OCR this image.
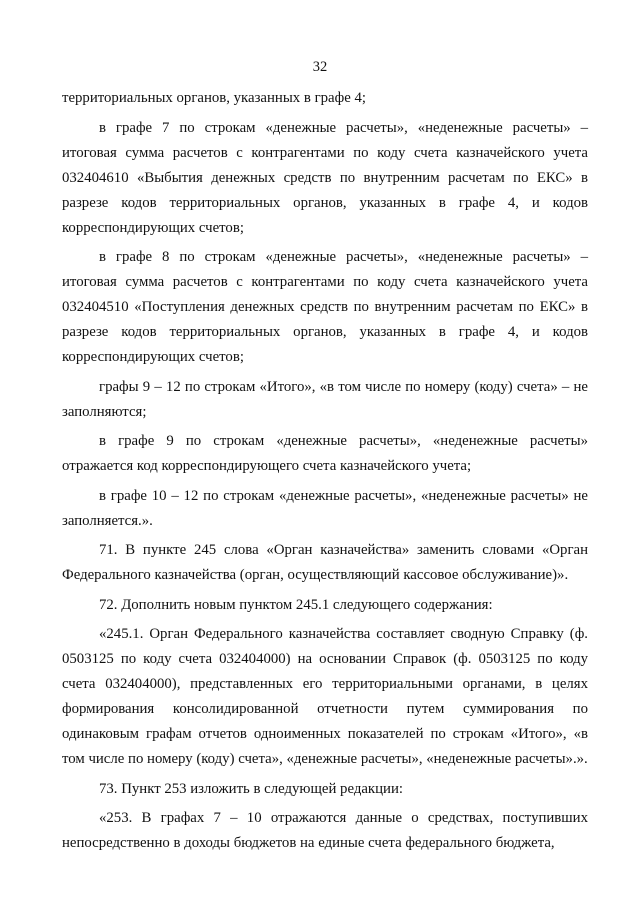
32

территориальных органов, указанных в графе 4;

в графе 7 по строкам «денежные расчеты», «неденежные расчеты» – итоговая сумма расчетов с контрагентами по коду счета казначейского учета 032404610 «Выбытия денежных средств по внутренним расчетам по ЕКС» в разрезе кодов территориальных органов, указанных в графе 4, и кодов корреспондирующих счетов;

в графе 8 по строкам «денежные расчеты», «неденежные расчеты» – итоговая сумма расчетов с контрагентами по коду счета казначейского учета 032404510 «Поступления денежных средств по внутренним расчетам по ЕКС» в разрезе кодов территориальных органов, указанных в графе 4, и кодов корреспондирующих счетов;

графы 9 – 12 по строкам «Итого», «в том числе по номеру (коду) счета» – не заполняются;

в графе 9 по строкам «денежные расчеты», «неденежные расчеты» отражается код корреспондирующего счета казначейского учета;

в графе 10 – 12 по строкам «денежные расчеты», «неденежные расчеты» не заполняется.».

71. В пункте 245 слова «Орган казначейства» заменить словами «Орган Федерального казначейства (орган, осуществляющий кассовое обслуживание)».

72. Дополнить новым пунктом 245.1 следующего содержания:

«245.1. Орган Федерального казначейства составляет сводную Справку (ф. 0503125 по коду счета 032404000) на основании Справок (ф. 0503125 по коду счета 032404000), представленных его территориальными органами, в целях формирования консолидированной отчетности путем суммирования по одинаковым графам отчетов одноименных показателей по строкам «Итого», «в том числе по номеру (коду) счета», «денежные расчеты», «неденежные расчеты».».

73. Пункт 253 изложить в следующей редакции:

«253. В графах 7 – 10 отражаются данные о средствах, поступивших непосредственно в доходы бюджетов на единые счета федерального бюджета,
